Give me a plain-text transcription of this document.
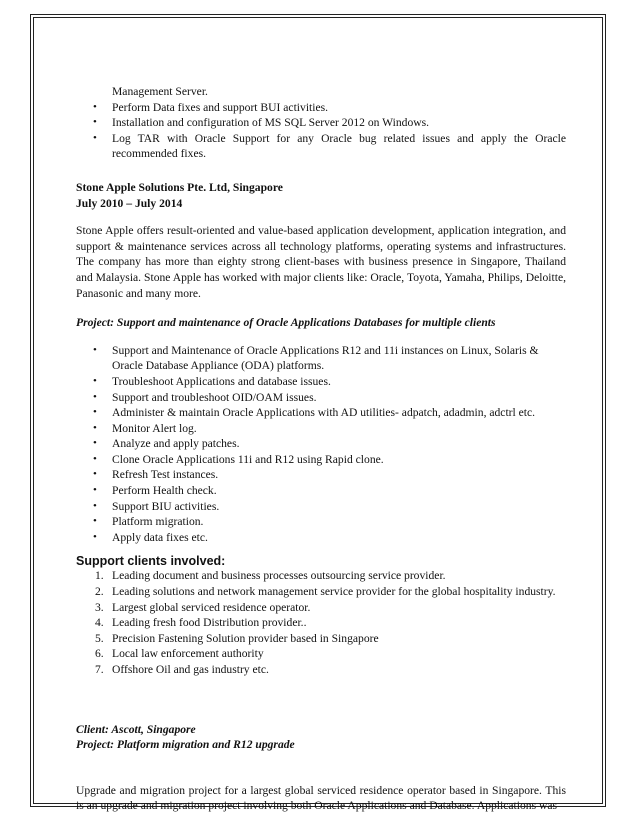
Management Server.
• Perform Data fixes and support BUI activities.
• Installation and configuration of MS SQL Server 2012 on Windows.
• Log TAR with Oracle Support for any Oracle bug related issues and apply the Oracle recommended fixes.
Stone Apple Solutions Pte. Ltd, Singapore
July 2010 – July 2014
Stone Apple offers result-oriented and value-based application development, application integration, and support & maintenance services across all technology platforms, operating systems and infrastructures. The company has more than eighty strong client-bases with business presence in Singapore, Thailand and Malaysia. Stone Apple has worked with major clients like: Oracle, Toyota, Yamaha, Philips, Deloitte, Panasonic and many more.
Project: Support and maintenance of Oracle Applications Databases for multiple clients
• Support and Maintenance of Oracle Applications R12 and 11i instances on Linux, Solaris & Oracle Database Appliance (ODA) platforms.
• Troubleshoot Applications and database issues.
• Support and troubleshoot OID/OAM issues.
• Administer & maintain Oracle Applications with AD utilities- adpatch, adadmin, adctrl etc.
• Monitor Alert log.
• Analyze and apply patches.
• Clone Oracle Applications 11i and R12 using Rapid clone.
• Refresh Test instances.
• Perform Health check.
• Support BIU activities.
• Platform migration.
• Apply data fixes etc.
Support clients involved:
1. Leading document and business processes outsourcing service provider.
2. Leading solutions and network management service provider for the global hospitality industry.
3. Largest global serviced residence operator.
4. Leading fresh food Distribution provider..
5. Precision Fastening Solution provider based in Singapore
6. Local law enforcement authority
7. Offshore Oil and gas industry etc.
Client: Ascott, Singapore
Project: Platform migration and R12 upgrade
Upgrade and migration project for a largest global serviced residence operator based in Singapore. This is an upgrade and migration project involving both Oracle Applications and Database. Applications was
